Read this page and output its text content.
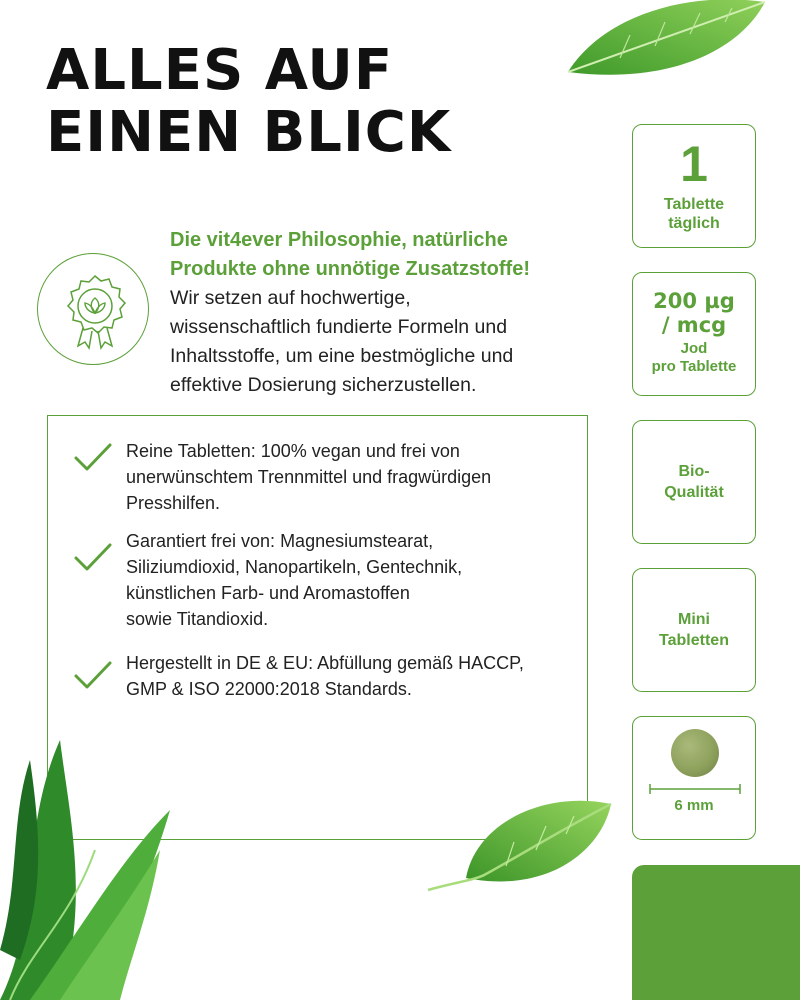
ALLES AUF
EINEN BLICK
Die vit4ever Philosophie, natürliche
Produkte ohne unnötige Zusatzstoffe!
Wir setzen auf hochwertige,
wissenschaftlich fundierte Formeln und
Inhaltsstoffe, um eine bestmögliche und
effektive Dosierung sicherzustellen.
Reine Tabletten: 100% vegan und frei von
unerwünschtem Trennmittel und fragwürdigen
Presshilfen.
Garantiert frei von: Magnesiumstearat,
Siliziumdioxid, Nanopartikeln, Gentechnik,
künstlichen Farb- und Aromastoffen
sowie Titandioxid.
Hergestellt in DE & EU: Abfüllung gemäß HACCP,
GMP & ISO 22000:2018 Standards.
1
Tablette
täglich
200 µg
/ mcg
Jod
pro Tablette
Bio-
Qualität
Mini
Tabletten
6 mm
